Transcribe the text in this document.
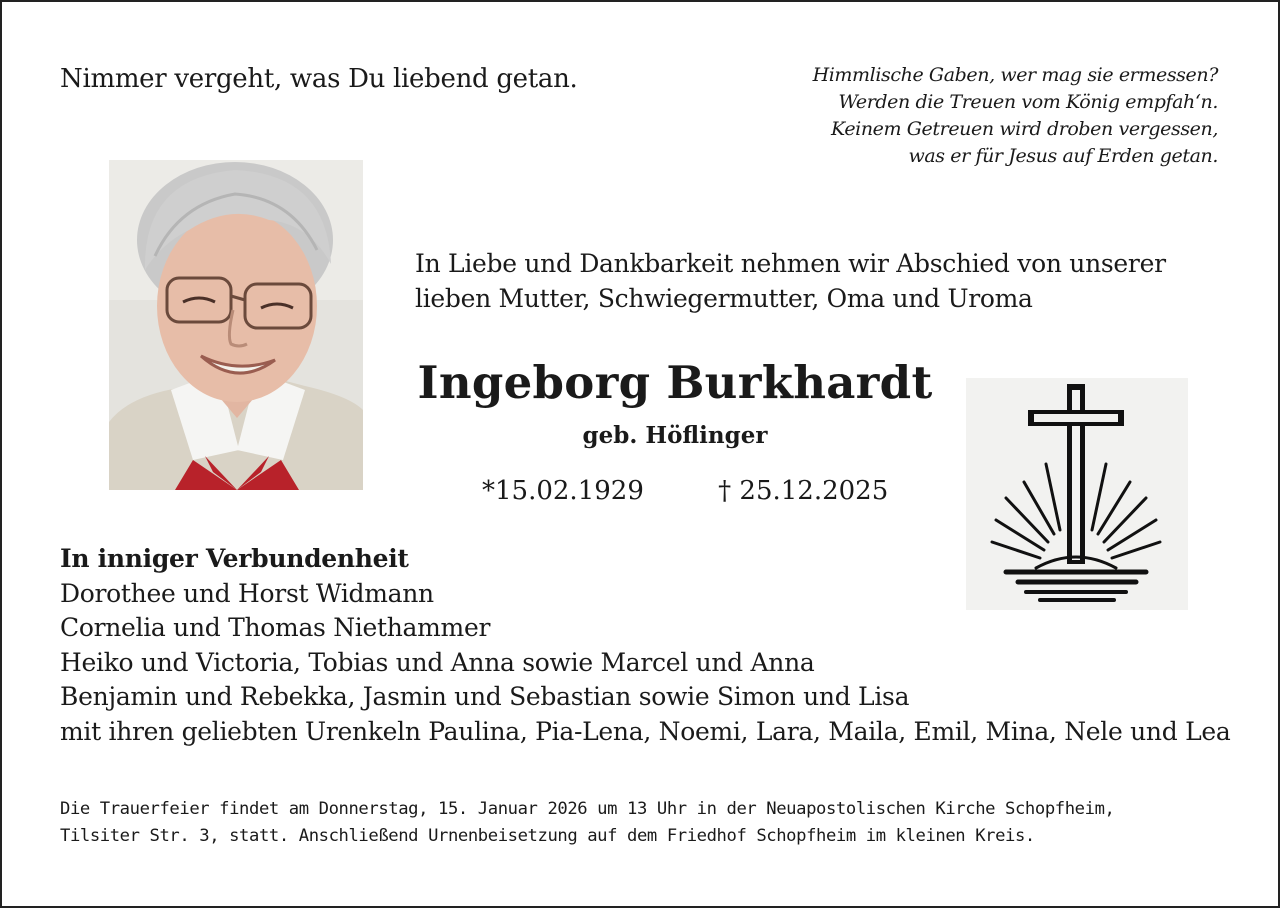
Nimmer vergeht, was Du liebend getan.	Himmlische Gaben, wer mag sie ermessen?
Werden die Treuen vom König empfah‘n.
Keinem Getreuen wird droben vergessen,
was er für Jesus auf Erden getan.
In Liebe und Dankbarkeit nehmen wir Abschied von unserer
lieben Mutter, Schwiegermutter, Oma und Uroma
Ingeborg Burkhardt
geb. Höflinger
*15.02.1929	† 25.12.2025
In inniger Verbundenheit
Dorothee und Horst Widmann
Cornelia und Thomas Niethammer
Heiko und Victoria, Tobias und Anna sowie Marcel und Anna
Benjamin und Rebekka, Jasmin und Sebastian sowie Simon und Lisa
mit ihren geliebten Urenkeln Paulina, Pia-Lena, Noemi, Lara, Maila, Emil, Mina, Nele und Lea
Die Trauerfeier findet am Donnerstag, 15. Januar 2026 um 13 Uhr in der Neuapostolischen Kirche Schopfheim,
Tilsiter Str. 3, statt. Anschließend Urnenbeisetzung auf dem Friedhof Schopfheim im kleinen Kreis.
